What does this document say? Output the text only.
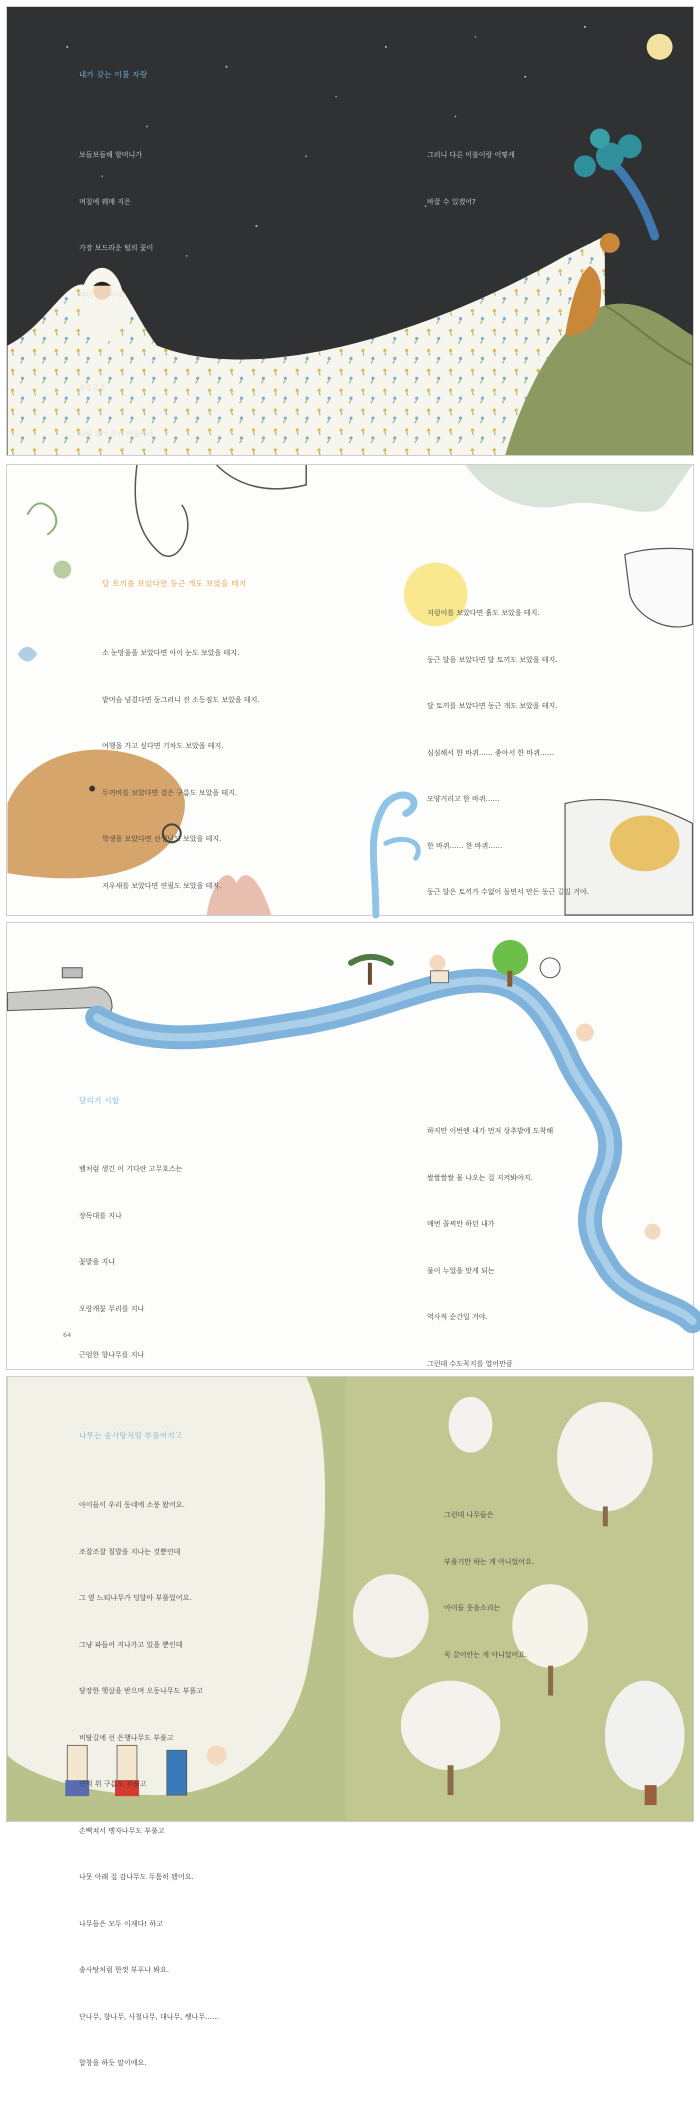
내가 갖는 이불 자랑

보들보들해 할머니가

며칠에 꿰매 지은

가장 보드라운 털의 꽃이

피던 이불이야.

초롱초롱

나를 덮어 주는 이불에서

그러니 다른 이불이랑 어떻게

바꿀 수 있겠어?

달 토끼를 보았다면 둥근 개도 보았을 테지

소 눈망울을 보았다면 아이 눈도 보았을 테지.

밭머슴 넘겼다면 둥그러니 진 소등짐도 보았을 테지.

여행을 가고 싶다면 기차도 보았을 테지.

두꺼비를 보았다면 검은 구름도 보았을 테지.

학생을 보았다면 선생님도 보았을 테지.

저우새를 보았다면 연필도 보았을 테지.

지렁이를 보았다면 흙도 보았을 테지.

둥근 달을 보았다면 달 토끼도 보았을 테지.

달 토끼를 보았다면 둥근 개도 보았을 테지.

심심해서 한 바퀴…… 좋아서 한 바퀴……

모양거리고 한 바퀴……

한 바퀴…… 한 바퀴……

둥근 달은 토끼가 수없이 돌면서 만든 둥근 길일 거야.

달리기 시합

뱀처럼 생긴 이 기다란 고무호스는

장독대를 지나

꽃밭을 지나

오랑캐꽃 무리를 지나

근엄한 향나무를 지나

하지만 이번엔 내가 먼저 상추밭에 도착해

쌀쌀쌀쌀 물 나오는 걸 지켜봐야지.

매번 꼴찌만 하던 내가

물이 누었을 맛게 되는

역사적 순간일 거야.

그런데 수도꼭지를 열어만큼

64
나무는 솜사탕처럼 부풀어지고

아이들이 우리 동네에 소풍 왔어요.

조잘조잘 칠발을 지나는 것뿐인데

그 옆 느티나무가 덩달아 부풀었어요.

그냥 파들어 지나가고 있을 뿐인데

담장한 햇살을 받으며 오동나무도 부풀고

비탈길에 선 은행나무도 부풀고

언덕 위 구름도 부풀고

손뼉쳐서 맹자나무도 부풀고

나뭇 아래 집 감나무도 두툼히 됐어요.

나무들은 모두 이제다! 하고

솜사탕처럼 한껏 부푸나 봐요.

단나무, 향나무, 사철나무, 대나무, 쌩나무……

합창을 하듯 말이에요.

그런데 나무들은

부풀기만 하는 게 아니었어요.

아이들 웃음소리는

꼭 끌어안는 게 아니었어요.
